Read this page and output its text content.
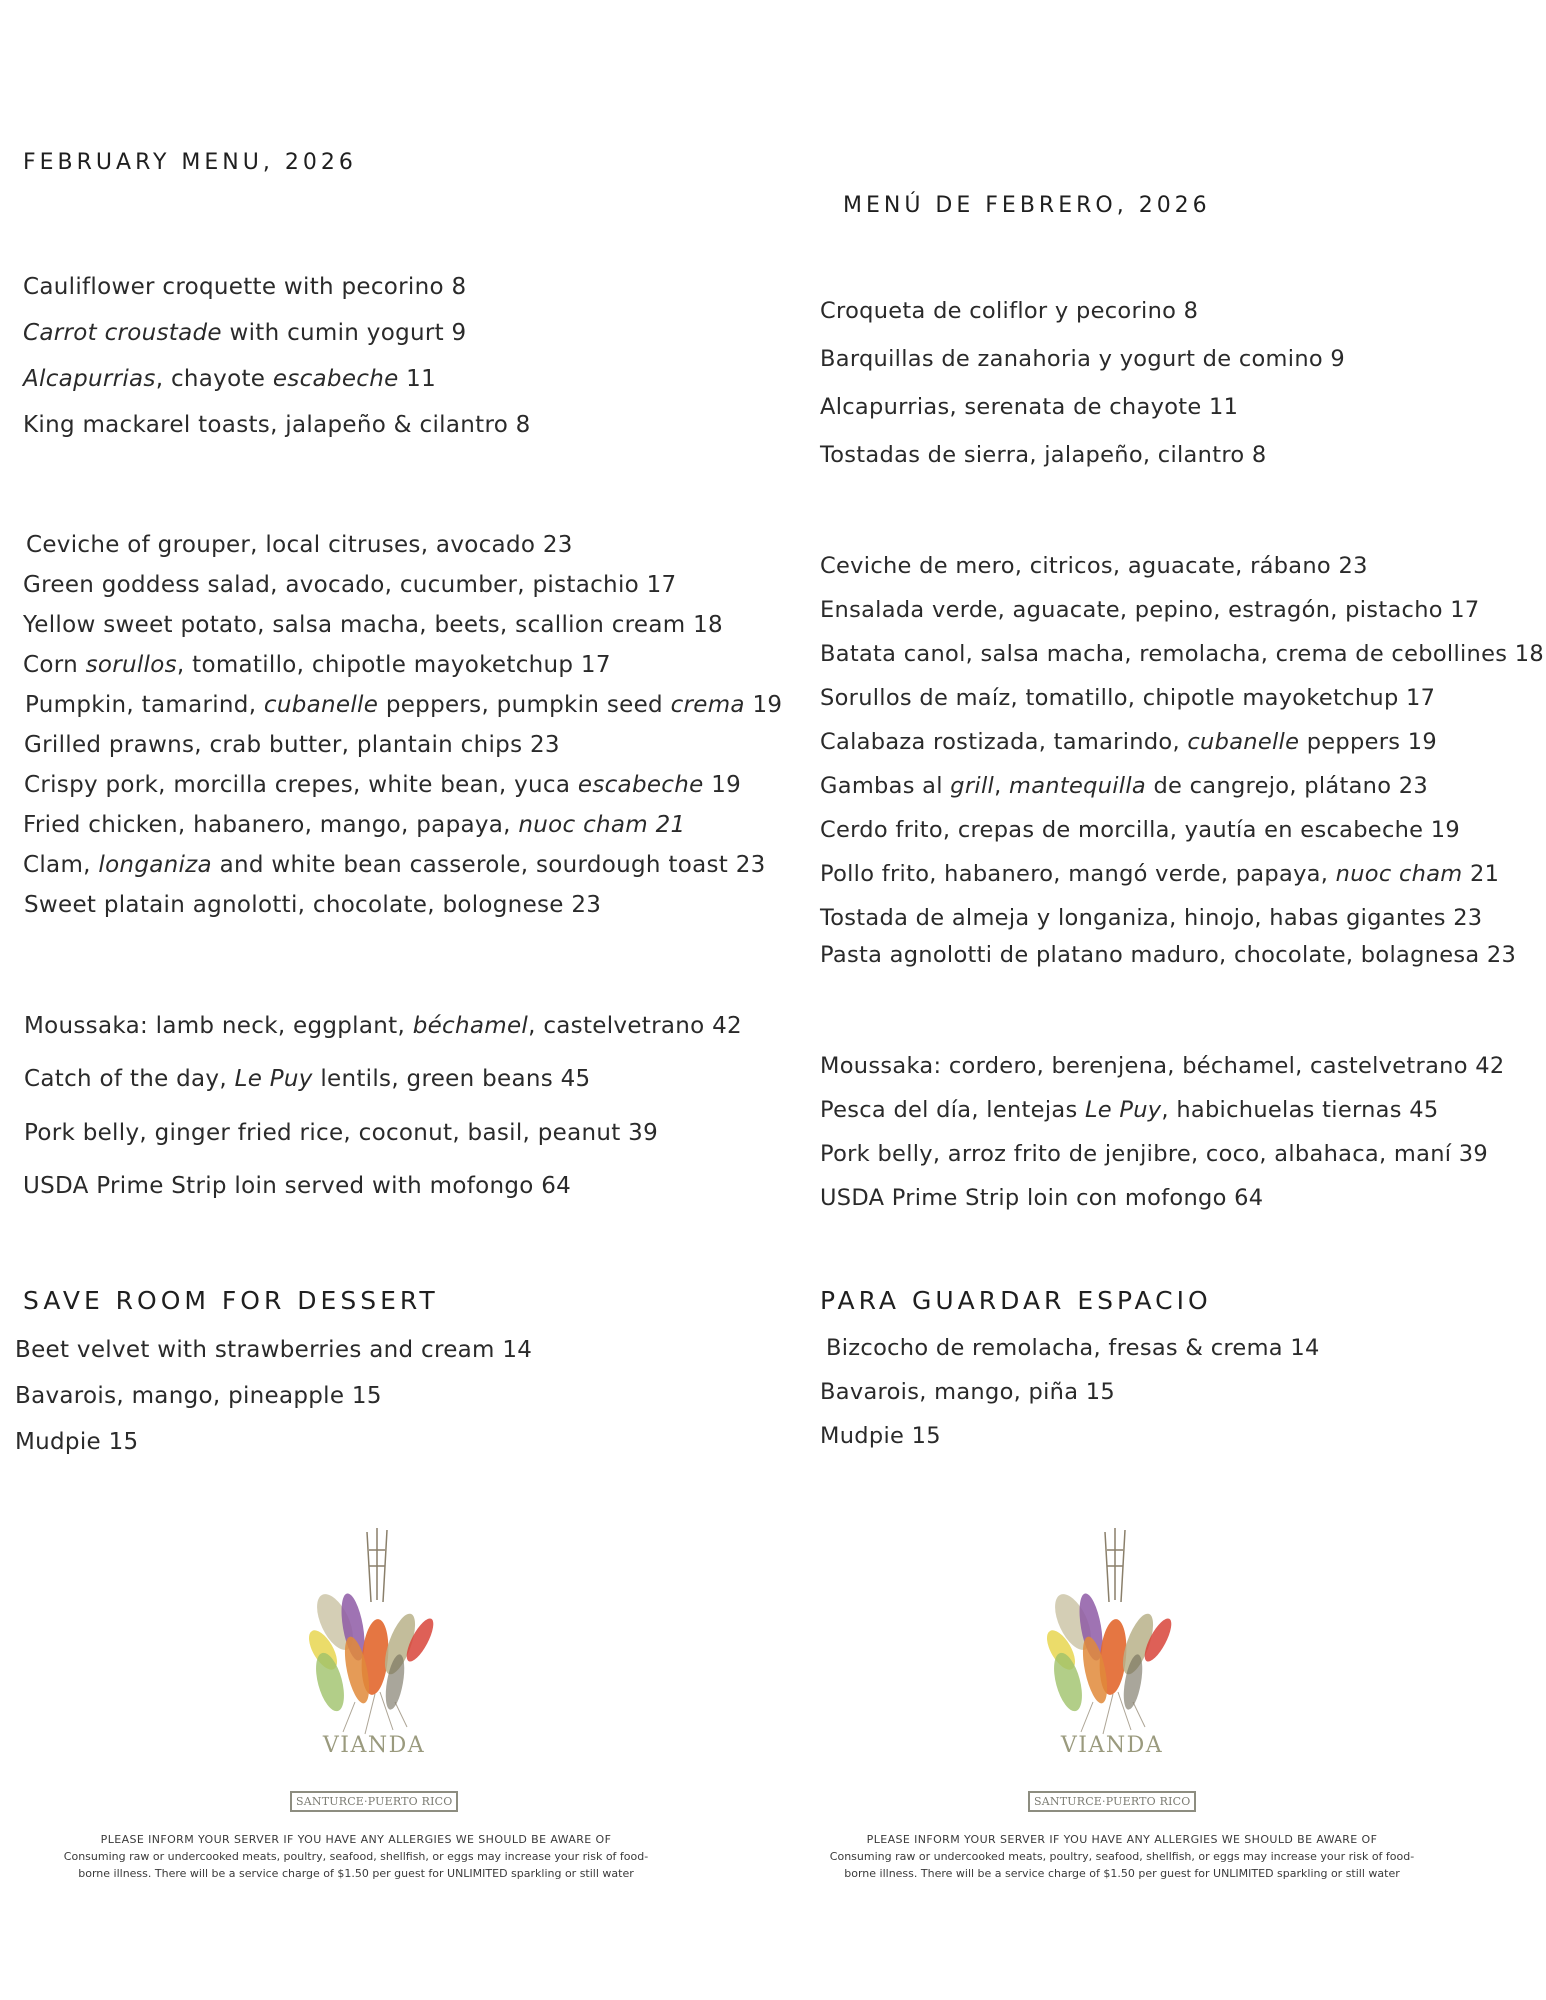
FEBRUARY MENU, 2026
Cauliflower croquette with pecorino 8
Carrot croustade with cumin yogurt 9
Alcapurrias, chayote escabeche 11
King mackarel toasts, jalapeño & cilantro 8
Ceviche of grouper, local citruses, avocado 23
Green goddess salad, avocado, cucumber, pistachio 17
Yellow sweet potato, salsa macha, beets, scallion cream 18
Corn sorullos, tomatillo, chipotle mayoketchup 17
Pumpkin, tamarind, cubanelle peppers, pumpkin seed crema 19
Grilled prawns, crab butter, plantain chips 23
Crispy pork, morcilla crepes, white bean, yuca escabeche 19
Fried chicken, habanero, mango, papaya, nuoc cham 21
Clam, longaniza and white bean casserole, sourdough toast 23
Sweet platain agnolotti, chocolate, bolognese 23
Moussaka: lamb neck, eggplant, béchamel, castelvetrano 42
Catch of the day, Le Puy lentils, green beans 45
Pork belly, ginger fried rice, coconut, basil, peanut 39
USDA Prime Strip loin served with mofongo 64
SAVE ROOM FOR DESSERT
Beet velvet with strawberries and cream 14
Bavarois, mango, pineapple 15
Mudpie 15
MENÚ DE FEBRERO, 2026
Croqueta de coliflor y pecorino 8
Barquillas de zanahoria y yogurt de comino 9
Alcapurrias, serenata de chayote 11
Tostadas de sierra, jalapeño, cilantro 8
Ceviche de mero, citricos, aguacate, rábano 23
Ensalada verde, aguacate, pepino, estragón, pistacho 17
Batata canol, salsa macha, remolacha, crema de cebollines 18
Sorullos de maíz, tomatillo, chipotle mayoketchup 17
Calabaza rostizada, tamarindo, cubanelle peppers 19
Gambas al grill, mantequilla de cangrejo, plátano 23
Cerdo frito, crepas de morcilla, yautía en escabeche 19
Pollo frito, habanero, mangó verde, papaya, nuoc cham 21
Tostada de almeja y longaniza, hinojo, habas gigantes 23
Pasta agnolotti de platano maduro, chocolate, bolagnesa 23
Moussaka: cordero, berenjena, béchamel, castelvetrano 42
Pesca del día, lentejas Le Puy, habichuelas tiernas 45
Pork belly, arroz frito de jenjibre, coco, albahaca, maní 39
USDA Prime Strip loin con mofongo 64
PARA GUARDAR ESPACIO
Bizcocho de remolacha, fresas & crema 14
Bavarois, mango, piña 15
Mudpie 15
VIANDA
SANTURCE·PUERTO RICO
VIANDA
SANTURCE·PUERTO RICO
PLEASE INFORM YOUR SERVER IF YOU HAVE ANY ALLERGIES WE SHOULD BE AWARE OF
Consuming raw or undercooked meats, poultry, seafood, shellfish, or eggs may increase your risk of food-
borne illness. There will be a service charge of $1.50 per guest for UNLIMITED sparkling or still water
PLEASE INFORM YOUR SERVER IF YOU HAVE ANY ALLERGIES WE SHOULD BE AWARE OF
Consuming raw or undercooked meats, poultry, seafood, shellfish, or eggs may increase your risk of food-
borne illness. There will be a service charge of $1.50 per guest for UNLIMITED sparkling or still water
